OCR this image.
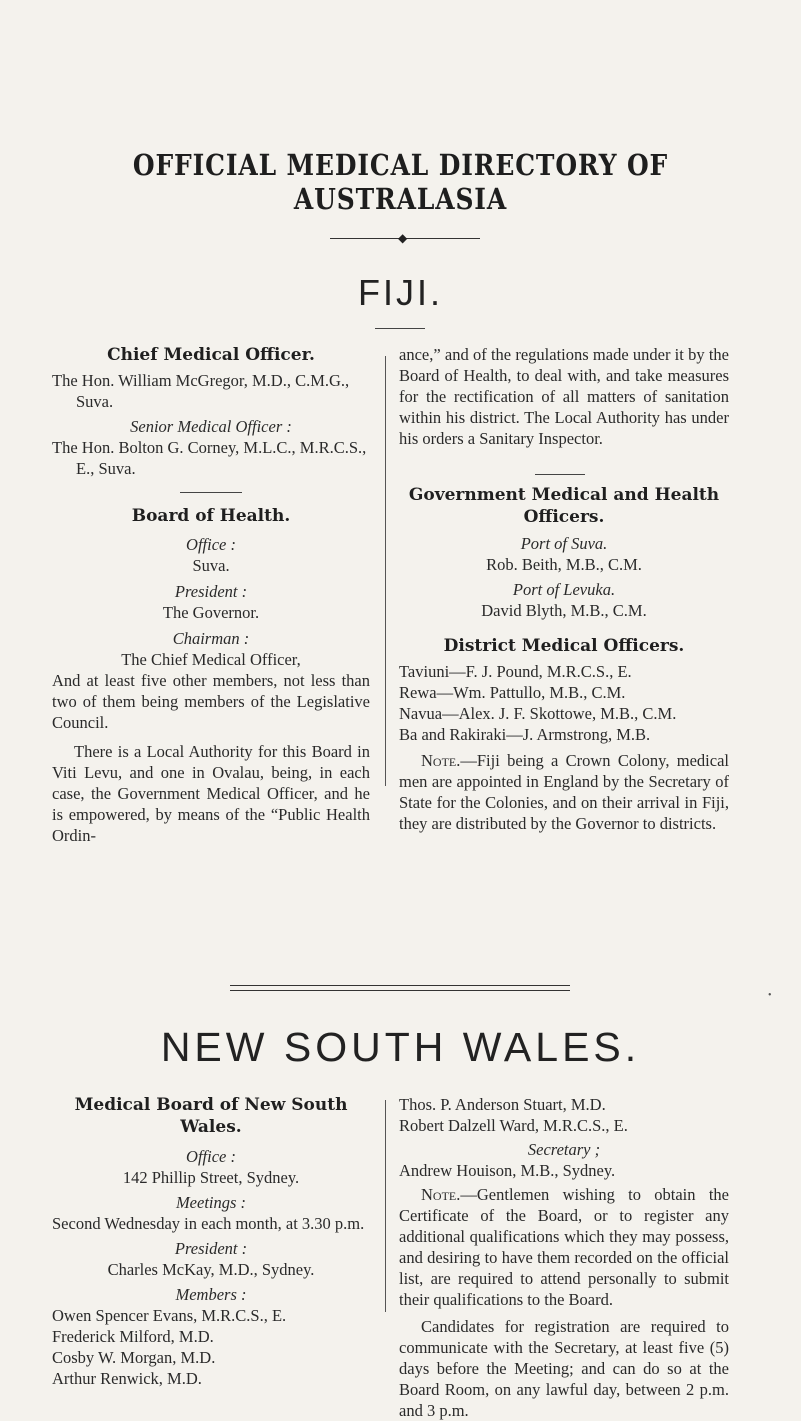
OFFICIAL MEDICAL DIRECTORY OF AUSTRALASIA
◆
FIJI.
Chief Medical Officer.

The Hon. William McGregor, M.D., C.M.G., Suva.

Senior Medical Officer :

The Hon. Bolton G. Corney, M.L.C., M.R.C.S., E., Suva.

Board of Health.

Office :

Suva.

President :

The Governor.

Chairman :

The Chief Medical Officer,

And at least five other members, not less than two of them being members of the Legislative Council.

There is a Local Authority for this Board in Viti Levu, and one in Ovalau, being, in each case, the Government Medical Officer, and he is empowered, by means of the “Public Health Ordin-

Government Medical and Health Officers.

Port of Suva.

Rob. Beith, M.B., C.M.

Port of Levuka.

David Blyth, M.B., C.M.

District Medical Officers.

Taviuni—F. J. Pound, M.R.C.S., E.

Rewa—Wm. Pattullo, M.B., C.M.

Navua—Alex. J. F. Skottowe, M.B., C.M.

Ba and Rakiraki—J. Armstrong, M.B.

Note.—Fiji being a Crown Colony, medical men are appointed in England by the Secretary of State for the Colonies, and on their arrival in Fiji, they are distributed by the Governor to districts.

ance,” and of the regulations made under it by the Board of Health, to deal with, and take measures for the rectification of all matters of sanitation within his district. The Local Authority has under his orders a Sanitary Inspector.

•
NEW SOUTH WALES.
Medical Board of New South Wales.

Office :

142 Phillip Street, Sydney.

Meetings :

Second Wednesday in each month, at 3.30 p.m.

President :

Charles McKay, M.D., Sydney.

Members :

Owen Spencer Evans, M.R.C.S., E.

Frederick Milford, M.D.

Cosby W. Morgan, M.D.

Arthur Renwick, M.D.

Thos. P. Anderson Stuart, M.D.

Robert Dalzell Ward, M.R.C.S., E.

Secretary ;

Andrew Houison, M.B., Sydney.

Note.—Gentlemen wishing to obtain the Certificate of the Board, or to register any additional qualifications which they may possess, and desiring to have them recorded on the official list, are required to attend personally to submit their qualifications to the Board.

Candidates for registration are required to communicate with the Secretary, at least five (5) days before the Meeting; and can do so at the Board Room, on any lawful day, between 2 p.m. and 3 p.m.
